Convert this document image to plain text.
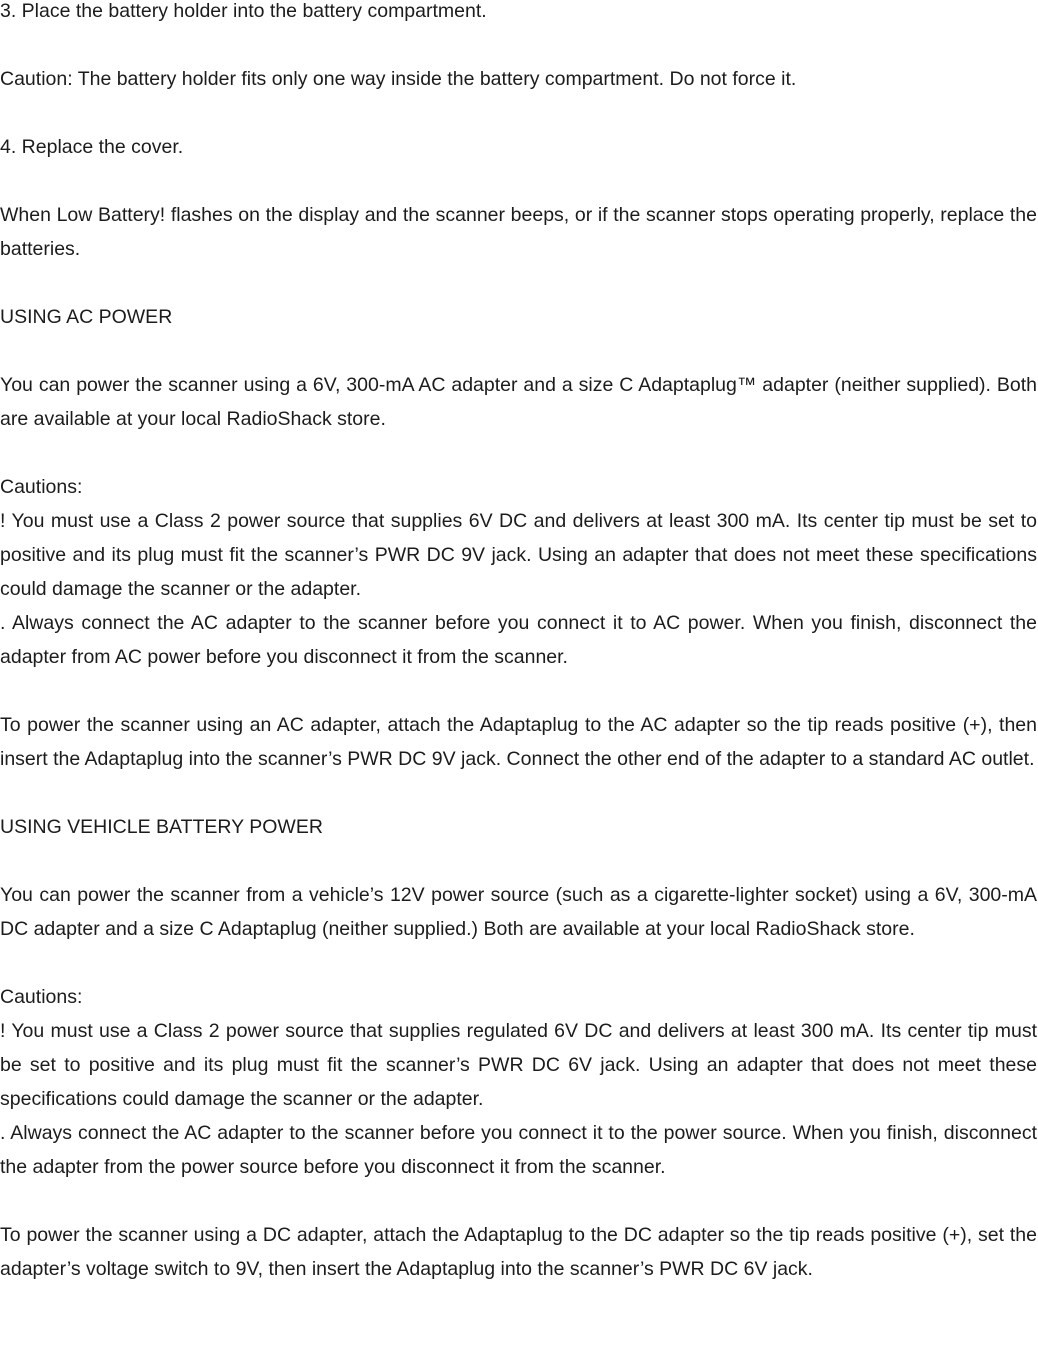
3. Place the battery holder into the battery compartment.

Caution: The battery holder fits only one way inside the battery compartment. Do not force it.

4. Replace the cover.

When Low Battery! flashes on the display and the scanner beeps, or if the scanner stops operating properly, replace the batteries.

USING AC POWER

You can power the scanner using a 6V, 300-mA AC adapter and a size C Adaptaplug™ adapter (neither supplied). Both are available at your local RadioShack store.

Cautions:

! You must use a Class 2 power source that supplies 6V DC and delivers at least 300 mA. Its center tip must be set to positive and its plug must fit the scanner’s PWR DC 9V jack. Using an adapter that does not meet these specifications could damage the scanner or the adapter.

. Always connect the AC adapter to the scanner before you connect it to AC power. When you finish, disconnect the adapter from AC power before you disconnect it from the scanner.

To power the scanner using an AC adapter, attach the Adaptaplug to the AC adapter so the tip reads positive (+), then insert the Adaptaplug into the scanner’s PWR DC 9V jack. Connect the other end of the adapter to a standard AC outlet.

USING VEHICLE BATTERY POWER

You can power the scanner from a vehicle’s 12V power source (such as a cigarette-lighter socket) using a 6V, 300-mA DC adapter and a size C Adaptaplug (neither supplied.) Both are available at your local RadioShack store.

Cautions:

! You must use a Class 2 power source that supplies regulated 6V DC and delivers at least 300 mA. Its center tip must be set to positive and its plug must fit the scanner’s PWR DC 6V jack. Using an adapter that does not meet these specifications could damage the scanner or the adapter.

. Always connect the AC adapter to the scanner before you connect it to the power source. When you finish, disconnect the adapter from the power source before you disconnect it from the scanner.

To power the scanner using a DC adapter, attach the Adaptaplug to the DC adapter so the tip reads positive (+), set the adapter’s voltage switch to 9V, then insert the Adaptaplug into the scanner’s PWR DC 6V jack.
